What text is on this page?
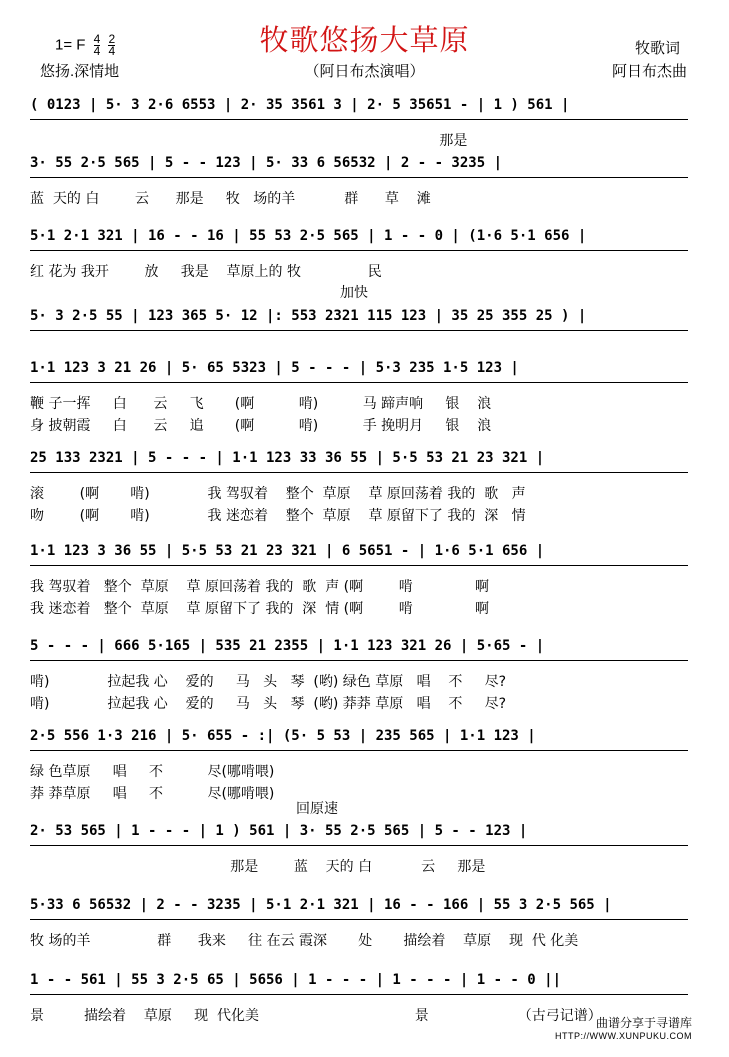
牧歌悠扬大草原
1= F $\frac{4}{4}$
$\frac{2}{4}$
悠扬.深情地	（阿日布杰演唱）
牧歌词
阿日布杰曲
( 0123 | 5· 3 2·6 6553 | 2· 35 3561 3 | 2· 5 35651 - | 1 ) 561 |
那是
3· 55 2·5 565 | 5 - - 123 | 5· 33 6 56532 | 2 - - 3235 |
蓝  天的 白        云      那是     牧   场的羊           群      草    滩
5·1 2·1 321 | 16 - - 16 | 55 53 2·5 565 | 1 - - 0 | (1·6 5·1 656 |
红 花为 我开        放     我是    草原上的 牧               民
5· 3 2·5 55 | 123 365 5· 12 |: 553 2321 115 123 | 35 25 355 25 ) |
1·1 123 3 21 26 | 5· 65 5323 | 5 - - - | 5·3 235 1·5 123 |
鞭 子一挥     白      云     飞       (啊          啃)          马 蹄声响     银    浪
身 披朝霞     白      云     追       (啊          啃)          手 挽明月     银    浪
25 133 2321 | 5 - - - | 1·1 123 33 36 55 | 5·5 53 21 23 321 |
滚        (啊       啃)             我 驾驭着    整个  草原    草 原回荡着 我的  歌   声
吻        (啊       啃)             我 迷恋着    整个  草原    草 原留下了 我的  深   情
1·1 123 3 36 55 | 5·5 53 21 23 321 | 6 5651 - | 1·6 5·1 656 |
我 驾驭着   整个  草原    草 原回荡着 我的  歌  声 (啊        啃              啊
我 迷恋着   整个  草原    草 原留下了 我的  深  情 (啊        啃              啊
5 - - - | 666 5·165 | 535 21 2355 | 1·1 123 321 26 | 5·65 - |
啃)             拉起我 心    爱的     马   头   琴  (哟) 绿色 草原   唱    不     尽?
啃)             拉起我 心    爱的     马   头   琴  (哟) 莽莽 草原   唱    不     尽?
2·5 556 1·3 216 | 5· 655 - :| (5· 5 53 | 235 565 | 1·1 123 |
绿 色草原     唱     不          尽(哪啃喂)
莽 莽草原     唱     不          尽(哪啃喂)
2· 53 565 | 1 - - - | 1 ) 561 | 3· 55 2·5 565 | 5 - - 123 |
那是        蓝    天的 白           云     那是
5·33 6 56532 | 2 - - 3235 | 5·1 2·1 321 | 16 - - 166 | 55 3 2·5 565 |
牧 场的羊               群      我来     往 在云 霞深       处       描绘着    草原    现  代 化美
1 - - 561 | 55 3 2·5 65 | 5656 | 1 - - - | 1 - - - | 1 - - 0 ||
景         描绘着    草原     现  代化美                                   景                    （古弓记谱）
加快
回原速
曲谱分享于寻谱库
HTTP://WWW.XUNPUKU.COM
